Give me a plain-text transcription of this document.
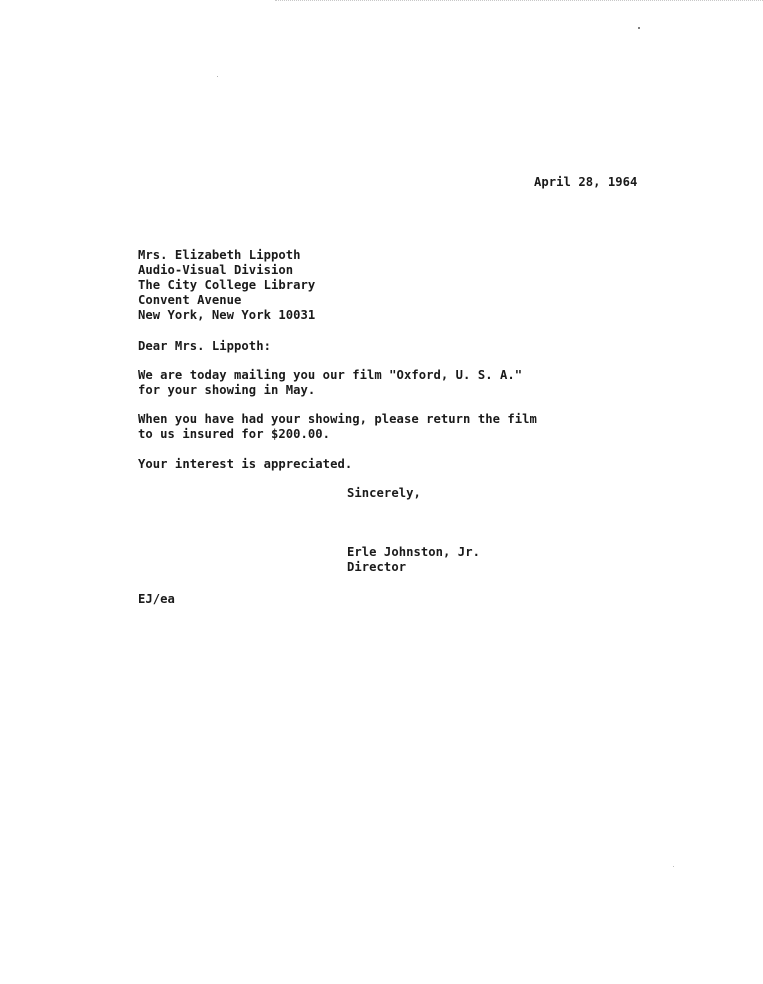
April 28, 1964
Mrs. Elizabeth Lippoth
Audio-Visual Division
The City College Library
Convent Avenue
New York, New York 10031
Dear Mrs. Lippoth:
We are today mailing you our film "Oxford, U. S. A."
for your showing in May.
When you have had your showing, please return the film
to us insured for $200.00.
Your interest is appreciated.
Sincerely,
Erle Johnston, Jr.
Director
EJ/ea
